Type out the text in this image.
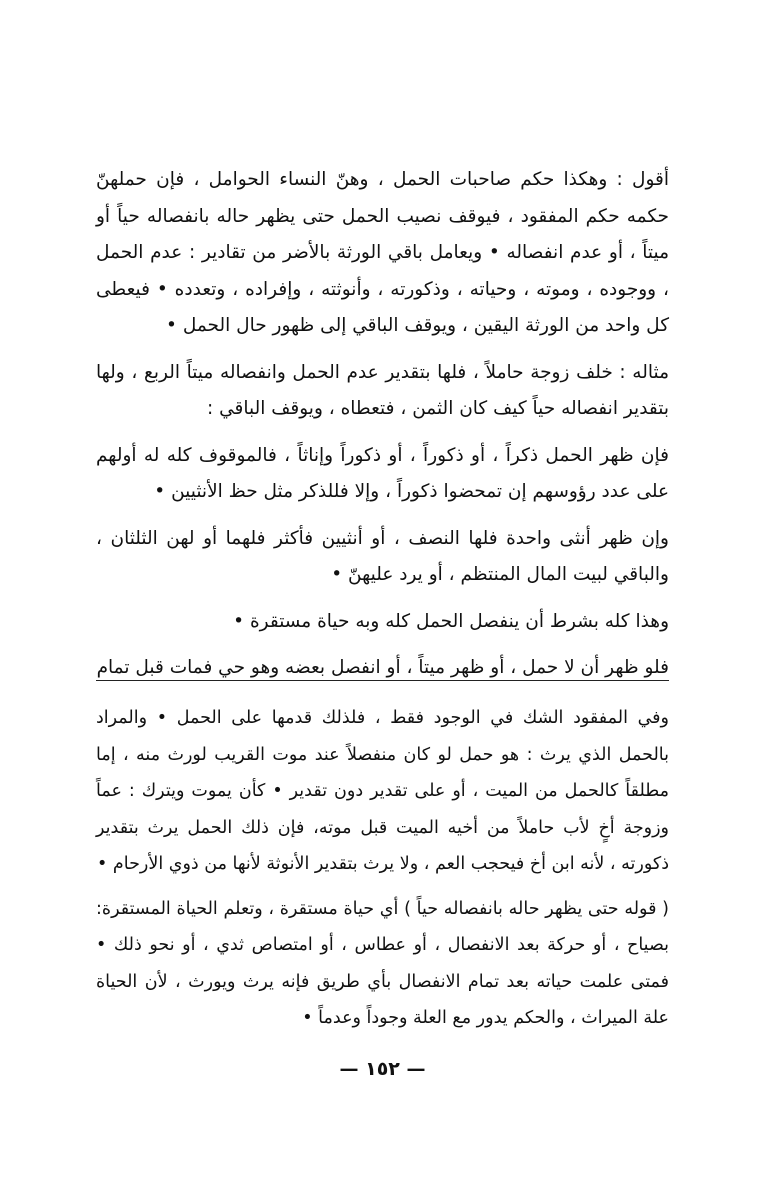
أقول : وهكذا حكم صاحبات الحمل ، وهنّ النساء الحوامل ، فإن حملهنّ حكمه حكم المفقود ، فيوقف نصيب الحمل حتى يظهر حاله بانفصاله حياً أو ميتاً ، أو عدم انفصاله • ويعامل باقي الورثة بالأضر من تقادير : عدم الحمل ، ووجوده ، وموته ، وحياته ، وذكورته ، وأنوثته ، وإفراده ، وتعدده • فيعطى كل واحد من الورثة اليقين ، ويوقف الباقي إلى ظهور حال الحمل •

مثاله : خلف زوجة حاملاً ، فلها بتقدير عدم الحمل وانفصاله ميتاً الربع ، ولها بتقدير انفصاله حياً كيف كان الثمن ، فتعطاه ، ويوقف الباقي :

فإن ظهر الحمل ذكراً ، أو ذكوراً ، أو ذكوراً وإناثاً ، فالموقوف كله له أولهم على عدد رؤوسهم إن تمحضوا ذكوراً ، وإلا فللذكر مثل حظ الأنثيين •

وإن ظهر أنثى واحدة فلها النصف ، أو أنثيين فأكثر فلهما أو لهن الثلثان ، والباقي لبيت المال المنتظم ، أو يرد عليهنّ •

وهذا كله بشرط أن ينفصل الحمل كله وبه حياة مستقرة •

فلو ظهر أن لا حمل ، أو ظهر ميتاً ، أو انفصل بعضه وهو حي فمات قبل تمام

وفي المفقود الشك في الوجود فقط ، فلذلك قدمها على الحمل • والمراد بالحمل الذي يرث : هو حمل لو كان منفصلاً عند موت القريب لورث منه ، إما مطلقاً كالحمل من الميت ، أو على تقدير دون تقدير • كأن يموت ويترك : عماً وزوجة أخٍ لأب حاملاً من أخيه الميت قبل موته، فإن ذلك الحمل يرث بتقدير ذكورته ، لأنه ابن أخ فيحجب العم ، ولا يرث بتقدير الأنوثة لأنها من ذوي الأرحام •

( قوله حتى يظهر حاله بانفصاله حياً ) أي حياة مستقرة ، وتعلم الحياة المستقرة: بصياح ، أو حركة بعد الانفصال ، أو عطاس ، أو امتصاص ثدي ، أو نحو ذلك • فمتى علمت حياته بعد تمام الانفصال بأي طريق فإنه يرث ويورث ، لأن الحياة علة الميراث ، والحكم يدور مع العلة وجوداً وعدماً •

— ١٥٢ —
